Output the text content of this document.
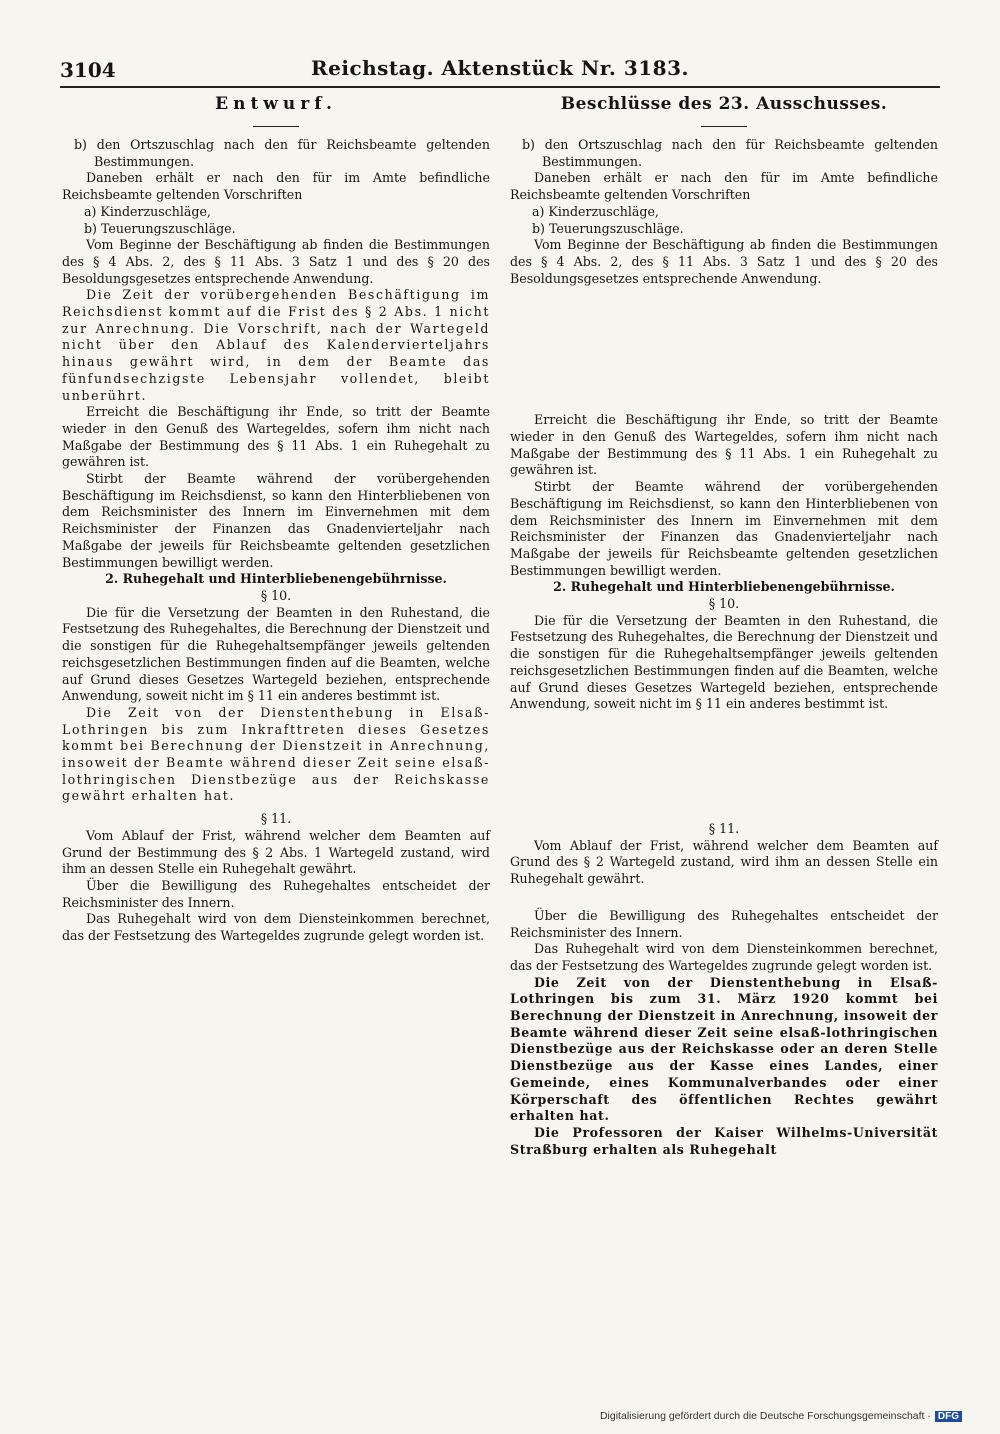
3104	Reichstag. Aktenstück Nr. 3183.

Entwurf.

b) den Ortszuschlag nach den für Reichsbeamte geltenden Bestimmungen.

Daneben erhält er nach den für im Amte befindliche Reichsbeamte geltenden Vorschriften

a) Kinderzuschläge,

b) Teuerungszuschläge.

Vom Beginne der Beschäftigung ab finden die Bestimmungen des § 4 Abs. 2, des § 11 Abs. 3 Satz 1 und des § 20 des Besoldungsgesetzes entsprechende Anwendung.

Die Zeit der vorübergehenden Beschäftigung im Reichsdienst kommt auf die Frist des § 2 Abs. 1 nicht zur Anrechnung. Die Vorschrift, nach der Wartegeld nicht über den Ablauf des Kalendervierteljahrs hinaus gewährt wird, in dem der Beamte das fünfundsechzigste Lebensjahr vollendet, bleibt unberührt.

Erreicht die Beschäftigung ihr Ende, so tritt der Beamte wieder in den Genuß des Wartegeldes, sofern ihm nicht nach Maßgabe der Bestimmung des § 11 Abs. 1 ein Ruhegehalt zu gewähren ist.

Stirbt der Beamte während der vorübergehenden Beschäftigung im Reichsdienst, so kann den Hinterbliebenen von dem Reichsminister des Innern im Einvernehmen mit dem Reichsminister der Finanzen das Gnadenvierteljahr nach Maßgabe der jeweils für Reichsbeamte geltenden gesetzlichen Bestimmungen bewilligt werden.

2. Ruhegehalt und Hinterbliebenengebührnisse.

§ 10.

Die für die Versetzung der Beamten in den Ruhestand, die Festsetzung des Ruhegehaltes, die Berechnung der Dienstzeit und die sonstigen für die Ruhegehaltsempfänger jeweils geltenden reichsgesetzlichen Bestimmungen finden auf die Beamten, welche auf Grund dieses Gesetzes Wartegeld beziehen, entsprechende Anwendung, soweit nicht im § 11 ein anderes bestimmt ist.

Die Zeit von der Dienstenthebung in Elsaß-Lothringen bis zum Inkrafttreten dieses Gesetzes kommt bei Berechnung der Dienstzeit in Anrechnung, insoweit der Beamte während dieser Zeit seine elsaß-lothringischen Dienstbezüge aus der Reichskasse gewährt erhalten hat.

§ 11.

Vom Ablauf der Frist, während welcher dem Beamten auf Grund der Bestimmung des § 2 Abs. 1 Wartegeld zustand, wird ihm an dessen Stelle ein Ruhegehalt gewährt.

Über die Bewilligung des Ruhegehaltes entscheidet der Reichsminister des Innern.

Das Ruhegehalt wird von dem Diensteinkommen berechnet, das der Festsetzung des Wartegeldes zugrunde gelegt worden ist.

Beschlüsse des 23. Ausschusses.

b) den Ortszuschlag nach den für Reichsbeamte geltenden Bestimmungen.

Daneben erhält er nach den für im Amte befindliche Reichsbeamte geltenden Vorschriften

a) Kinderzuschläge,

b) Teuerungszuschläge.

Vom Beginne der Beschäftigung ab finden die Bestimmungen des § 4 Abs. 2, des § 11 Abs. 3 Satz 1 und des § 20 des Besoldungsgesetzes entsprechende Anwendung.

Erreicht die Beschäftigung ihr Ende, so tritt der Beamte wieder in den Genuß des Wartegeldes, sofern ihm nicht nach Maßgabe der Bestimmung des § 11 Abs. 1 ein Ruhegehalt zu gewähren ist.

Stirbt der Beamte während der vorübergehenden Beschäftigung im Reichsdienst, so kann den Hinterbliebenen von dem Reichsminister des Innern im Einvernehmen mit dem Reichsminister der Finanzen das Gnadenvierteljahr nach Maßgabe der jeweils für Reichsbeamte geltenden gesetzlichen Bestimmungen bewilligt werden.

2. Ruhegehalt und Hinterbliebenengebührnisse.

§ 10.

Die für die Versetzung der Beamten in den Ruhestand, die Festsetzung des Ruhegehaltes, die Berechnung der Dienstzeit und die sonstigen für die Ruhegehaltsempfänger jeweils geltenden reichsgesetzlichen Bestimmungen finden auf die Beamten, welche auf Grund dieses Gesetzes Wartegeld beziehen, entsprechende Anwendung, soweit nicht im § 11 ein anderes bestimmt ist.

§ 11.

Vom Ablauf der Frist, während welcher dem Beamten auf Grund des § 2 Wartegeld zustand, wird ihm an dessen Stelle ein Ruhegehalt gewährt.

Über die Bewilligung des Ruhegehaltes entscheidet der Reichsminister des Innern.

Das Ruhegehalt wird von dem Diensteinkommen berechnet, das der Festsetzung des Wartegeldes zugrunde gelegt worden ist.

Die Zeit von der Dienstenthebung in Elsaß-Lothringen bis zum 31. März 1920 kommt bei Berechnung der Dienstzeit in Anrechnung, insoweit der Beamte während dieser Zeit seine elsaß-lothringischen Dienstbezüge aus der Reichskasse oder an deren Stelle Dienstbezüge aus der Kasse eines Landes, einer Gemeinde, eines Kommunalverbandes oder einer Körperschaft des öffentlichen Rechtes gewährt erhalten hat.

Die Professoren der Kaiser Wilhelms-Universität Straßburg erhalten als Ruhegehalt

Digitalisierung gefördert durch die Deutsche Forschungsgemeinschaft · DFG
